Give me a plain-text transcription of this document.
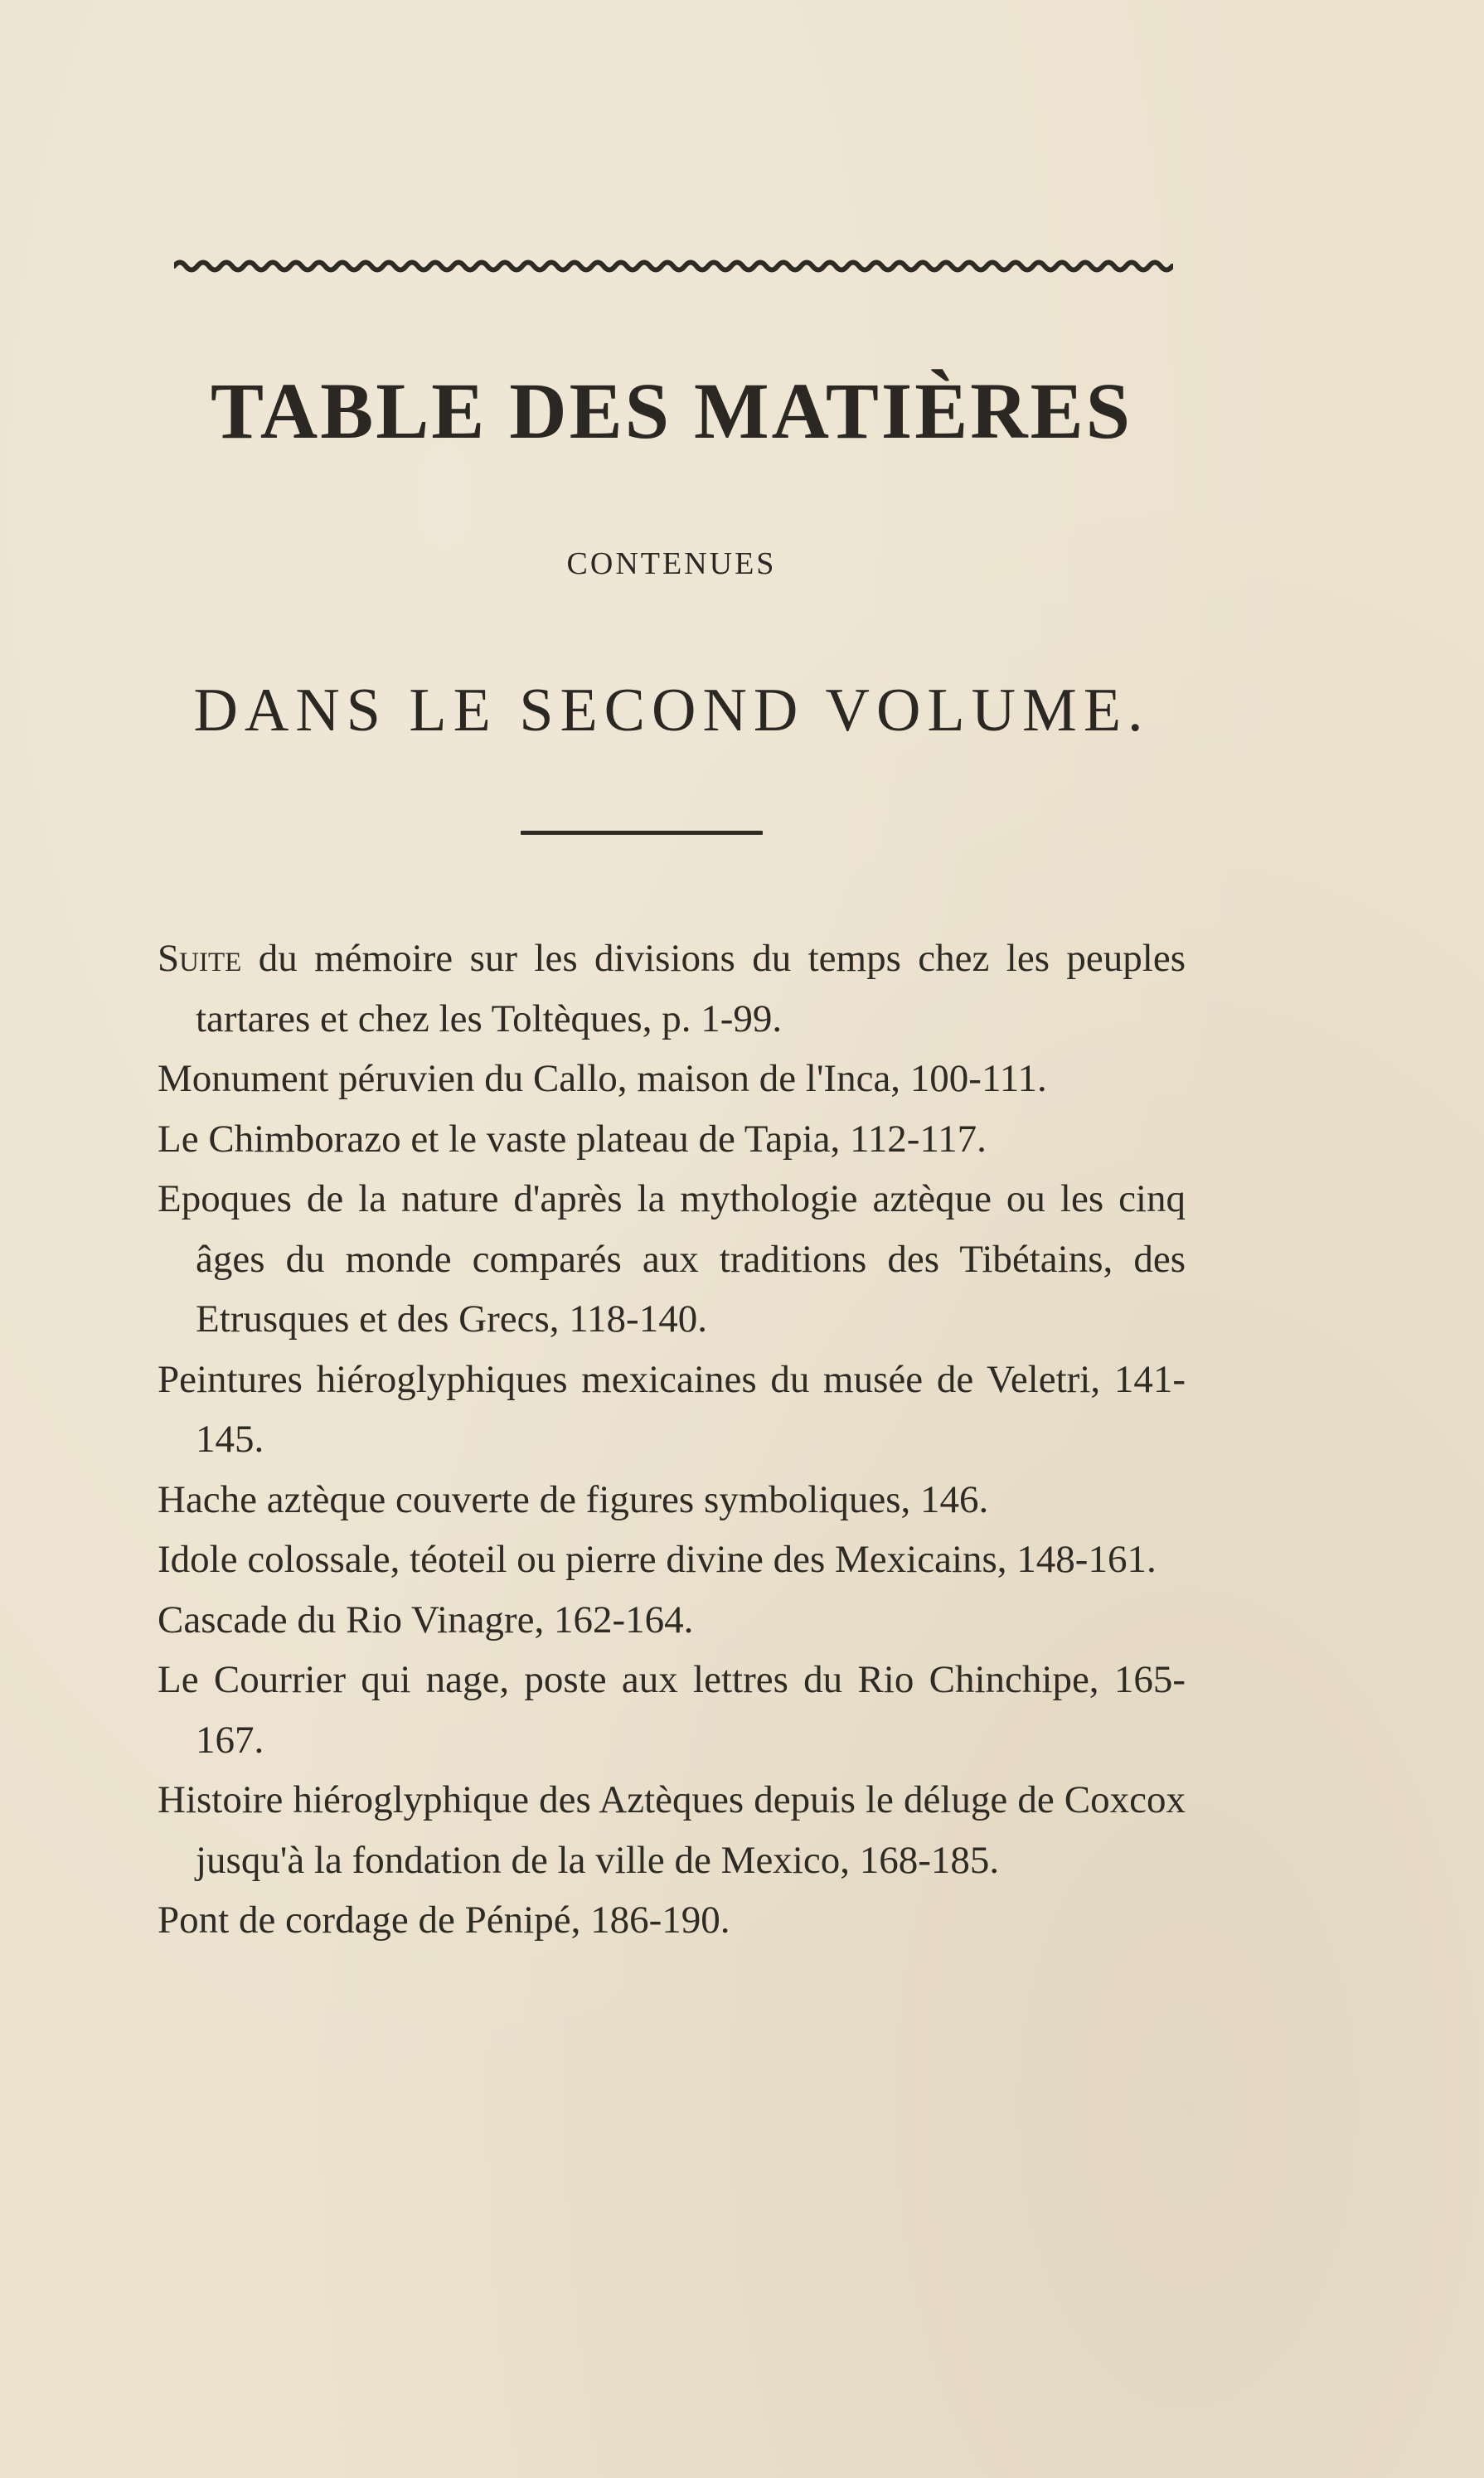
TABLE DES MATIÈRES
CONTENUES
DANS LE SECOND VOLUME.

Suite du mémoire sur les divisions du temps chez les peuples tartares et chez les Toltèques, p. 1-99.

Monument péruvien du Callo, maison de l'Inca, 100-111.

Le Chimborazo et le vaste plateau de Tapia, 112-117.

Epoques de la nature d'après la mythologie aztèque ou les cinq âges du monde comparés aux traditions des Tibétains, des Etrusques et des Grecs, 118-140.

Peintures hiéroglyphiques mexicaines du musée de Veletri, 141-145.

Hache aztèque couverte de figures symboliques, 146.

Idole colossale, téoteil ou pierre divine des Mexicains, 148-161.

Cascade du Rio Vinagre, 162-164.

Le Courrier qui nage, poste aux lettres du Rio Chinchipe, 165-167.

Histoire hiéroglyphique des Aztèques depuis le déluge de Coxcox jusqu'à la fondation de la ville de Mexico, 168-185.

Pont de cordage de Pénipé, 186-190.
